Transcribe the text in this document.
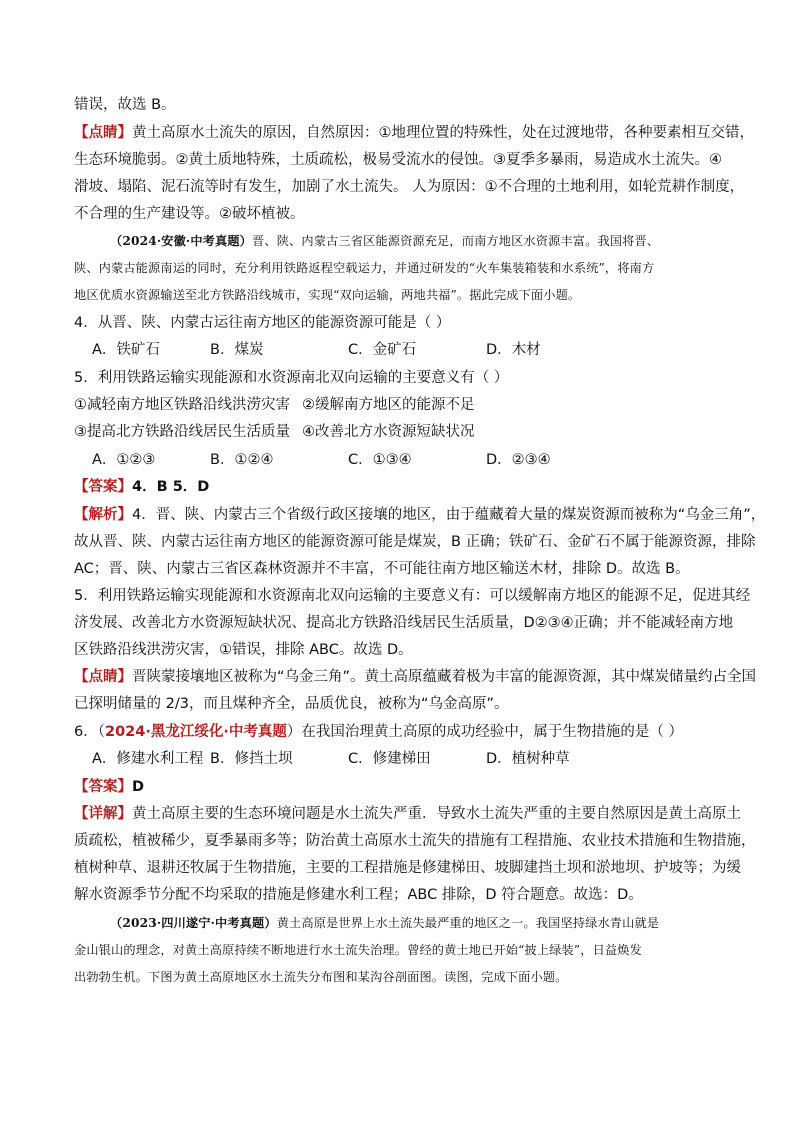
错误，故选 B。
【点睛】黄土高原水土流失的原因，自然原因：①地理位置的特殊性，处在过渡地带，各种要素相互交错，
生态环境脆弱。②黄土质地特殊，土质疏松，极易受流水的侵蚀。③夏季多暴雨，易造成水土流失。④
滑坡、塌陷、泥石流等时有发生，加剧了水土流失。 人为原因：①不合理的土地利用，如轮荒耕作制度，
不合理的生产建设等。②破坏植被。
（2024·安徽·中考真题）晋、陕、内蒙古三省区能源资源充足，而南方地区水资源丰富。我国将晋、
陕、内蒙古能源南运的同时，充分利用铁路返程空载运力，并通过研发的“火车集装箱装和水系统”，将南方
地区优质水资源输送至北方铁路沿线城市，实现“双向运输，两地共福”。据此完成下面小题。
4．从晋、陕、内蒙古运往南方地区的能源资源可能是（ ）
A．铁矿石	B．煤炭	C．金矿石	D．木材
5．利用铁路运输实现能源和水资源南北双向运输的主要意义有（ ）
①减轻南方地区铁路沿线洪涝灾害 ②缓解南方地区的能源不足
③提高北方铁路沿线居民生活质量 ④改善北方水资源短缺状况
A．①②③	B．①②④	C．①③④	D．②③④
【答案】4．B 5．D
【解析】4．晋、陕、内蒙古三个省级行政区接壤的地区，由于蕴藏着大量的煤炭资源而被称为“乌金三角”，
故从晋、陕、内蒙古运往南方地区的能源资源可能是煤炭，B 正确；铁矿石、金矿石不属于能源资源，排除
AC；晋、陕、内蒙古三省区森林资源并不丰富，不可能往南方地区输送木材，排除 D。故选 B。
5．利用铁路运输实现能源和水资源南北双向运输的主要意义有：可以缓解南方地区的能源不足，促进其经
济发展、改善北方水资源短缺状况、提高北方铁路沿线居民生活质量，D②③④正确；并不能减轻南方地
区铁路沿线洪涝灾害，①错误，排除 ABC。故选 D。
【点睛】晋陕蒙接壤地区被称为“乌金三角”。黄土高原蕴藏着极为丰富的能源资源，其中煤炭储量约占全国
已探明储量的 2/3，而且煤种齐全，品质优良，被称为“乌金高原”。
6．（2024·黑龙江绥化·中考真题）在我国治理黄土高原的成功经验中，属于生物措施的是（ ）
A．修建水利工程 B．修挡土坝	C．修建梯田	D．植树种草
【答案】D
【详解】黄土高原主要的生态环境问题是水土流失严重．导致水土流失严重的主要自然原因是黄土高原土
质疏松，植被稀少，夏季暴雨多等；防治黄土高原水土流失的措施有工程措施、农业技术措施和生物措施，
植树种草、退耕还牧属于生物措施，主要的工程措施是修建梯田、坡脚建挡土坝和淤地坝、护坡等；为缓
解水资源季节分配不均采取的措施是修建水利工程；ABC 排除，D 符合题意。故选：D。
（2023·四川遂宁·中考真题）黄土高原是世界上水土流失最严重的地区之一。我国坚持绿水青山就是
金山银山的理念，对黄土高原持续不断地进行水土流失治理。曾经的黄土地已开始“披上绿装”，日益焕发
出勃勃生机。下图为黄土高原地区水土流失分布图和某沟谷剖面图。读图，完成下面小题。
